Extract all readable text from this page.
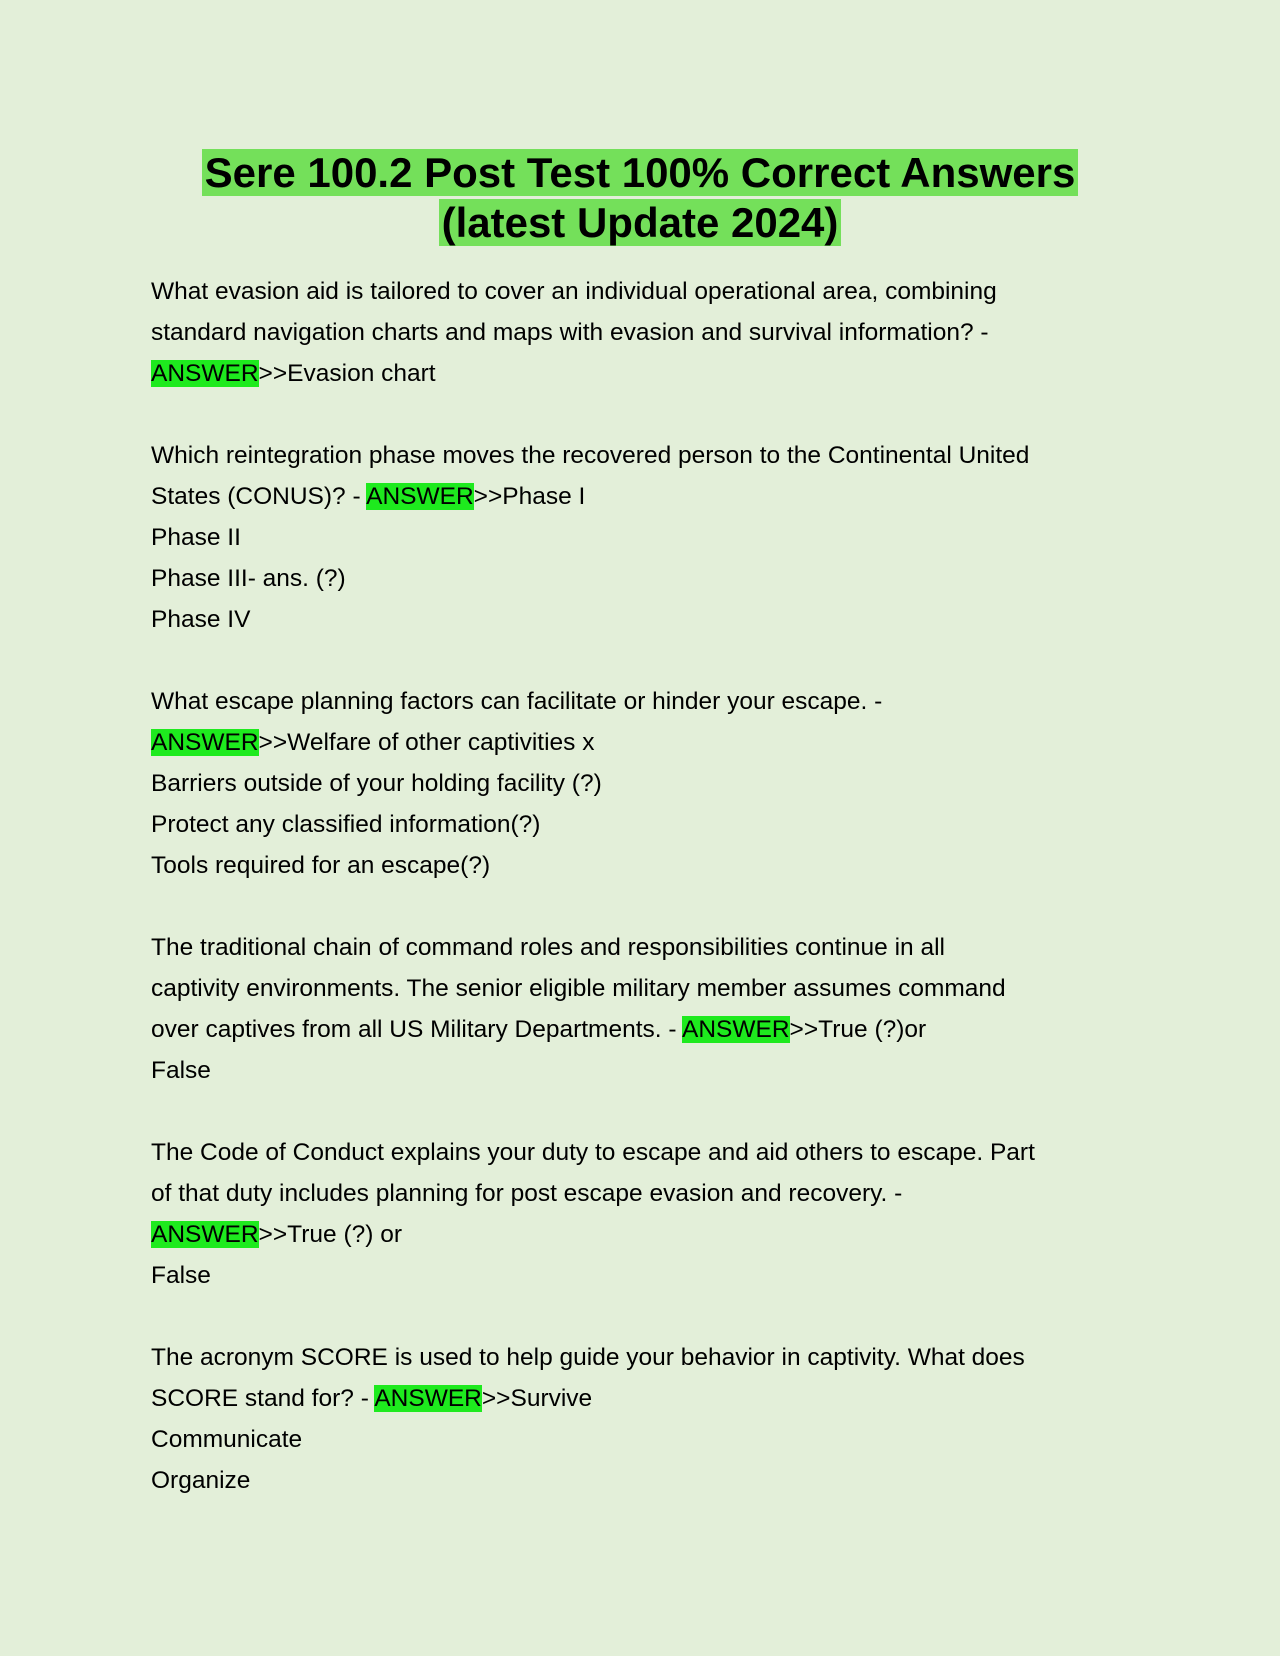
Sere 100.2 Post Test 100% Correct Answers
(latest Update 2024)
What evasion aid is tailored to cover an individual operational area, combining
standard navigation charts and maps with evasion and survival information? -
ANSWER>>Evasion chart
Which reintegration phase moves the recovered person to the Continental United
States (CONUS)? - ANSWER>>Phase I
Phase II
Phase III- ans. (?)
Phase IV
What escape planning factors can facilitate or hinder your escape. -
ANSWER>>Welfare of other captivities x
Barriers outside of your holding facility (?)
Protect any classified information(?)
Tools required for an escape(?)
The traditional chain of command roles and responsibilities continue in all
captivity environments. The senior eligible military member assumes command
over captives from all US Military Departments. - ANSWER>>True (?)or
False
The Code of Conduct explains your duty to escape and aid others to escape. Part
of that duty includes planning for post escape evasion and recovery. -
ANSWER>>True (?) or
False
The acronym SCORE is used to help guide your behavior in captivity. What does
SCORE stand for? - ANSWER>>Survive
Communicate
Organize
